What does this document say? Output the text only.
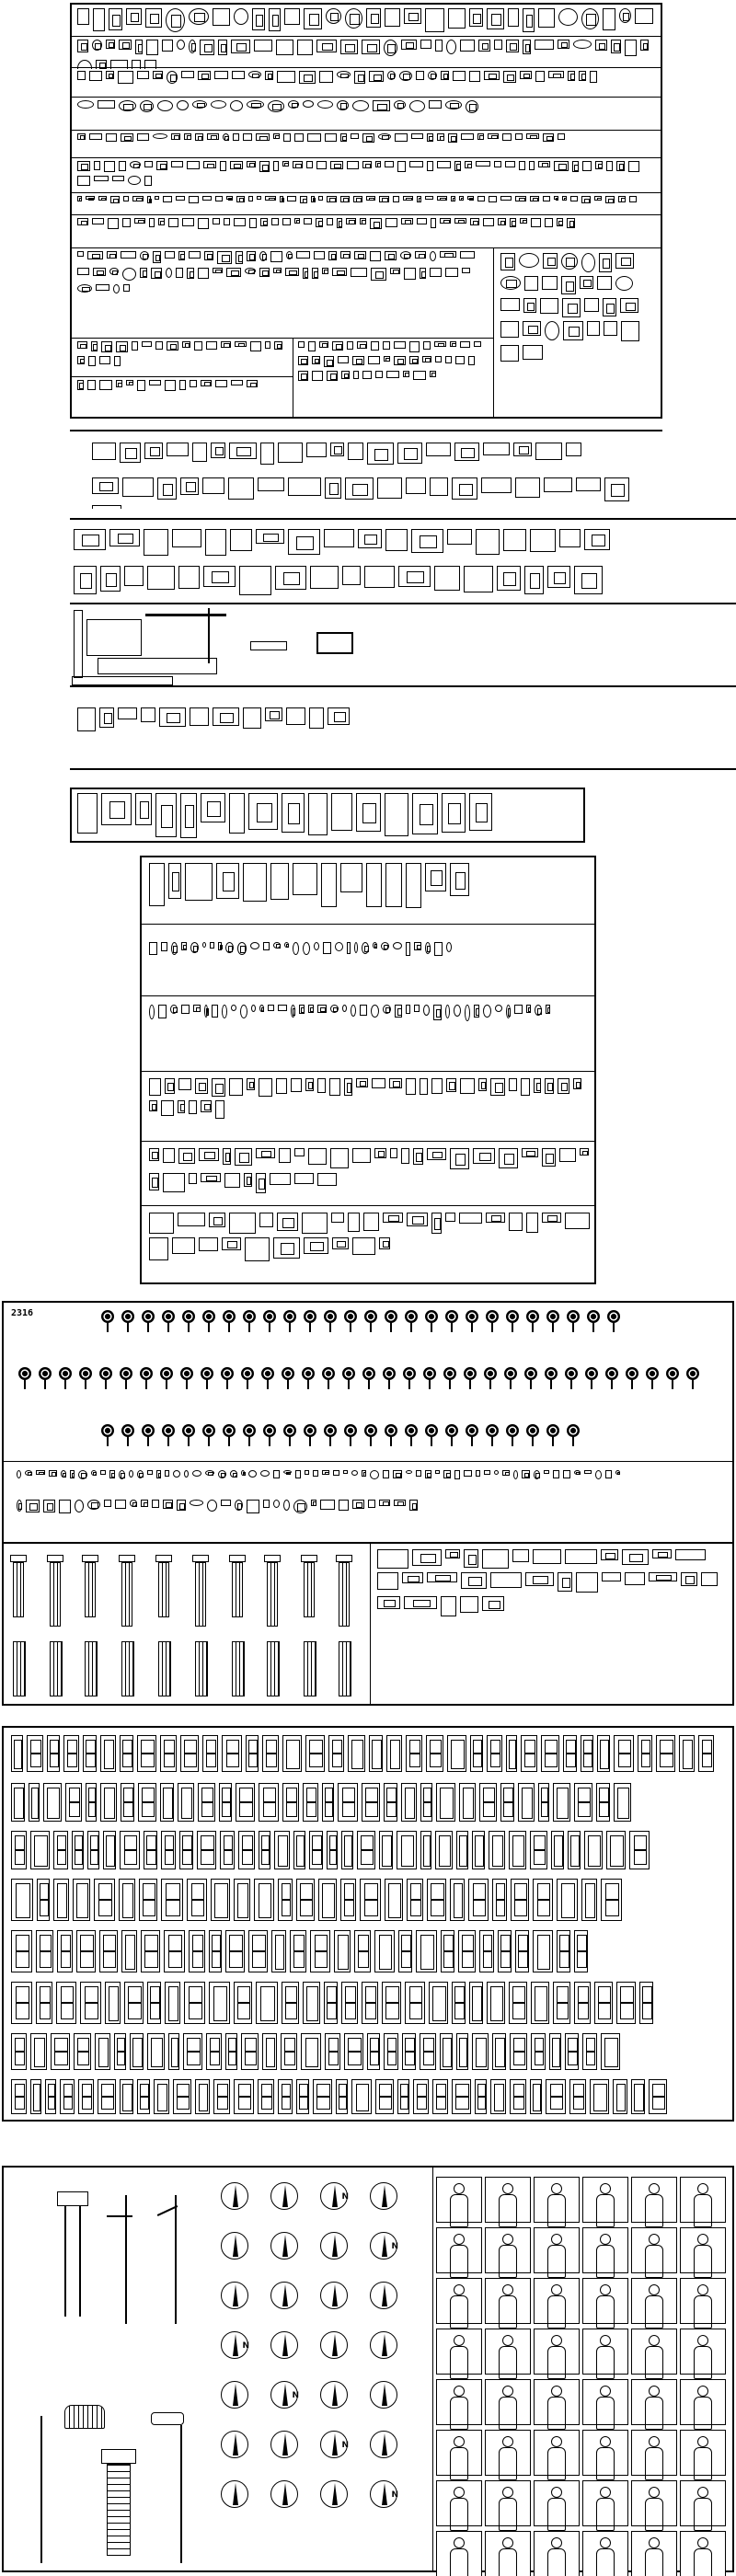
2316
N
N
N
N
N
N
